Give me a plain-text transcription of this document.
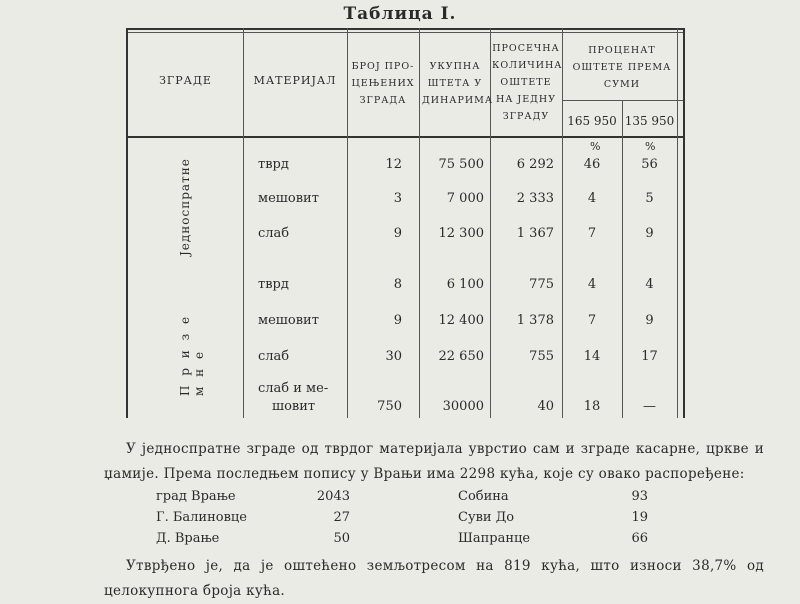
Таблица I.
ЗГРАДЕ	МАТЕРИЈАЛ
БРОЈ ПРО-ЦЕЊЕНИХ ЗГРАДА
УКУПНА ШТЕТА У ДИНАРИМА
ПРОСЕЧНА КОЛИЧИНА ОШТЕТЕ НА ЈЕДНУ ЗГРАДУ
ПРОЦЕНАТ ОШТЕТЕ ПРЕМА СУМИ
165 950 135 950
Једноспратне
П р и з е м н е
%	%
тврд	12	75 500	6 292	46	56
мешовит	3	7 000	2 333	4	5
слаб	9	12 300	1 367	7	9
тврд	8	6 100	775	4	4
мешовит	9	12 400	1 378	7	9
слаб	30	22 650	755	14	17
слаб и ме-
шовит	750	30000	40	18	—
У једноспратне зграде од тврдог материјала уврстио сам и зграде касарне, цркве и џамије. Према последњем попису у Врањи има 2298 кућа, које су овако распоређене:
град Врање	2043
Г. Балиновце	27
Д. Врање	50
Собина	93
Суви До	19
Шапранце	66
Утврђено је, да је оштећено земљотресом на 819 кућа, што износи 38,7% од целокупнога броја кућа.
